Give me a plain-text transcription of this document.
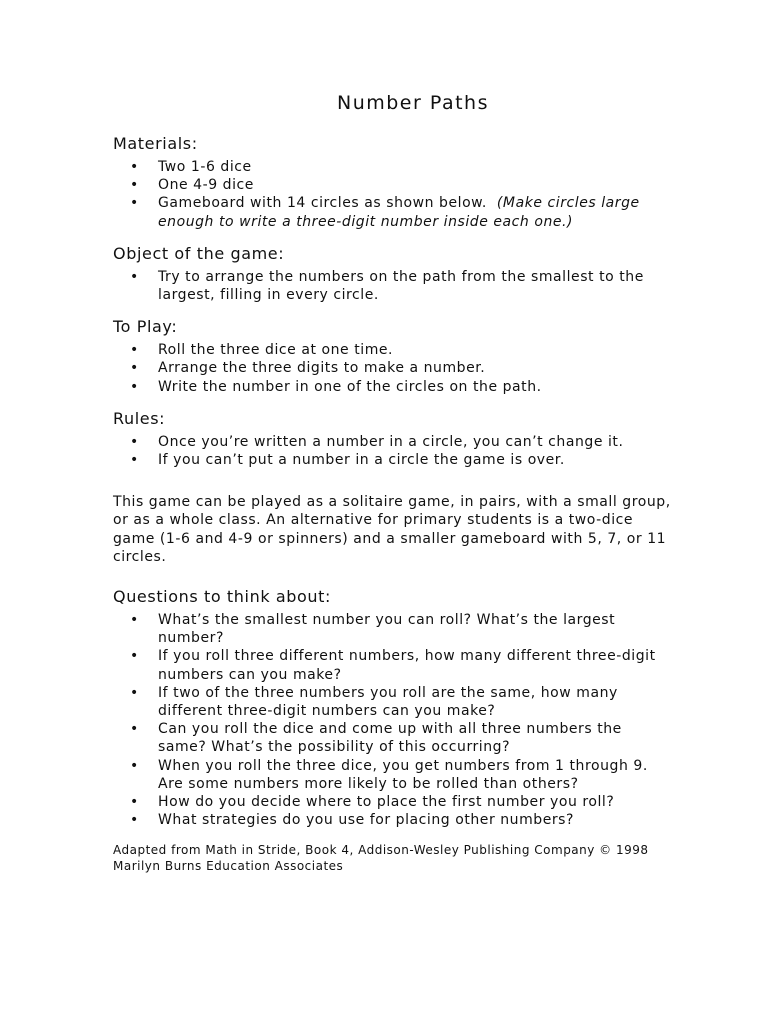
Number Paths
Materials:
• Two 1-6 dice
• One 4-9 dice
• Gameboard with 14 circles as shown below. (Make circles large enough to write a three-digit number inside each one.)
Object of the game:
• Try to arrange the numbers on the path from the smallest to the largest, filling in every circle.
To Play:
• Roll the three dice at one time.
• Arrange the three digits to make a number.
• Write the number in one of the circles on the path.
Rules:
• Once you’re written a number in a circle, you can’t change it.
• If you can’t put a number in a circle the game is over.
This game can be played as a solitaire game, in pairs, with a small group, or as a whole class. An alternative for primary students is a two-dice game (1-6 and 4-9 or spinners) and a smaller gameboard with 5, 7, or 11 circles.
Questions to think about:
• What’s the smallest number you can roll? What’s the largest number?
• If you roll three different numbers, how many different three-digit numbers can you make?
• If two of the three numbers you roll are the same, how many different three-digit numbers can you make?
• Can you roll the dice and come up with all three numbers the same? What’s the possibility of this occurring?
• When you roll the three dice, you get numbers from 1 through 9. Are some numbers more likely to be rolled than others?
• How do you decide where to place the first number you roll?
• What strategies do you use for placing other numbers?
Adapted from Math in Stride, Book 4, Addison-Wesley Publishing Company © 1998
Marilyn Burns Education Associates
